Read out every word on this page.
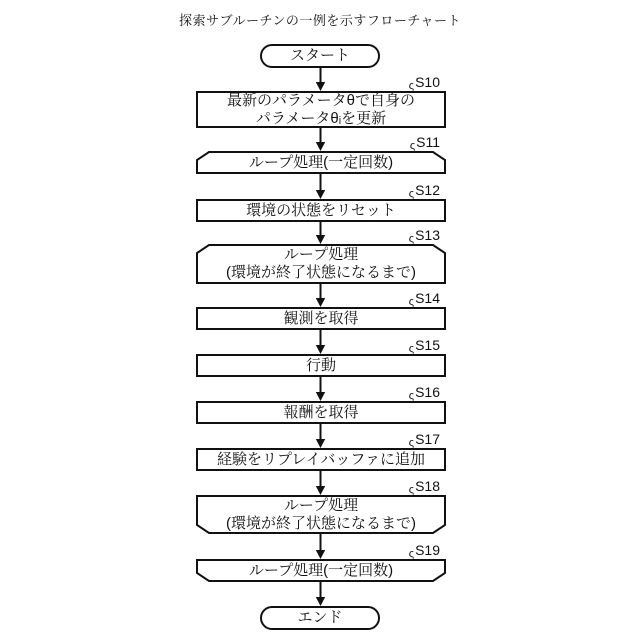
探索サブルーチンの一例を示すフローチャート
ςS10
ςS11
ςS12
ςS13
ςS14
ςS15
ςS16
ςS17
ςS18
ςS19
スタート
最新のパラメータθで自身の
パラメータθᵢを更新
ループ処理(一定回数)
環境の状態をリセット
ループ処理
(環境が終了状態になるまで)
観測を取得
行動
報酬を取得
経験をリプレイバッファに追加
ループ処理
(環境が終了状態になるまで)
ループ処理(一定回数)
エンド
